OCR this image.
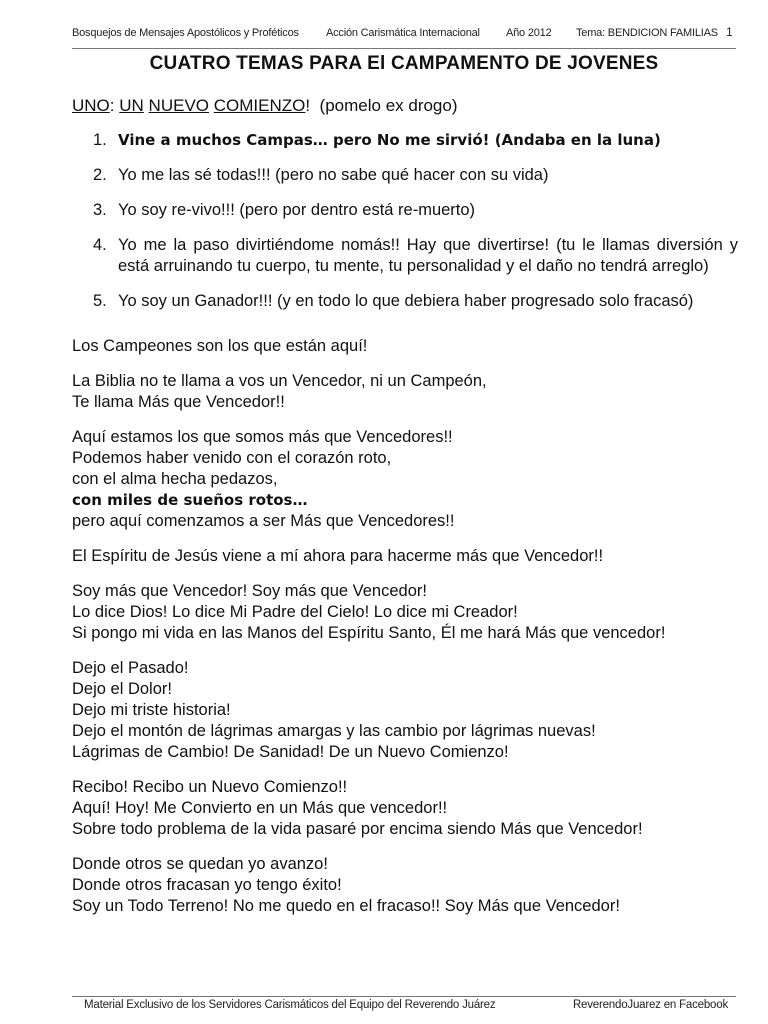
Bosquejos de Mensajes Apostólicos y Proféticos Acción Carismática Internacional Año 2012 Tema: BENDICION FAMILIAS 1
CUATRO TEMAS PARA El CAMPAMENTO DE JOVENES
UNO: UN NUEVO COMIENZO! (pomelo ex drogo)
1. Vine a muchos Campas… pero No me sirvió! (Andaba en la luna)
2. Yo me las sé todas!!! (pero no sabe qué hacer con su vida)
3. Yo soy re-vivo!!! (pero por dentro está re-muerto)
4. Yo me la paso divirtiéndome nomás!! Hay que divertirse! (tu le llamas diversión y está arruinando tu cuerpo, tu mente, tu personalidad y el daño no tendrá arreglo)
5. Yo soy un Ganador!!! (y en todo lo que debiera haber progresado solo fracasó)
Los Campeones son los que están aquí!
La Biblia no te llama a vos un Vencedor, ni un Campeón,
Te llama Más que Vencedor!!
Aquí estamos los que somos más que Vencedores!!
Podemos haber venido con el corazón roto,
con el alma hecha pedazos,
con miles de sueños rotos…
pero aquí comenzamos a ser Más que Vencedores!!
El Espíritu de Jesús viene a mí ahora para hacerme más que Vencedor!!
Soy más que Vencedor! Soy más que Vencedor!
Lo dice Dios! Lo dice Mi Padre del Cielo! Lo dice mi Creador!
Si pongo mi vida en las Manos del Espíritu Santo, Él me hará Más que vencedor!
Dejo el Pasado!
Dejo el Dolor!
Dejo mi triste historia!
Dejo el montón de lágrimas amargas y las cambio por lágrimas nuevas!
Lágrimas de Cambio! De Sanidad! De un Nuevo Comienzo!
Recibo! Recibo un Nuevo Comienzo!!
Aquí! Hoy! Me Convierto en un Más que vencedor!!
Sobre todo problema de la vida pasaré por encima siendo Más que Vencedor!
Donde otros se quedan yo avanzo!
Donde otros fracasan yo tengo éxito!
Soy un Todo Terreno! No me quedo en el fracaso!! Soy Más que Vencedor!
Material Exclusivo de los Servidores Carismáticos del Equipo del Reverendo Juárez	ReverendoJuarez en Facebook
